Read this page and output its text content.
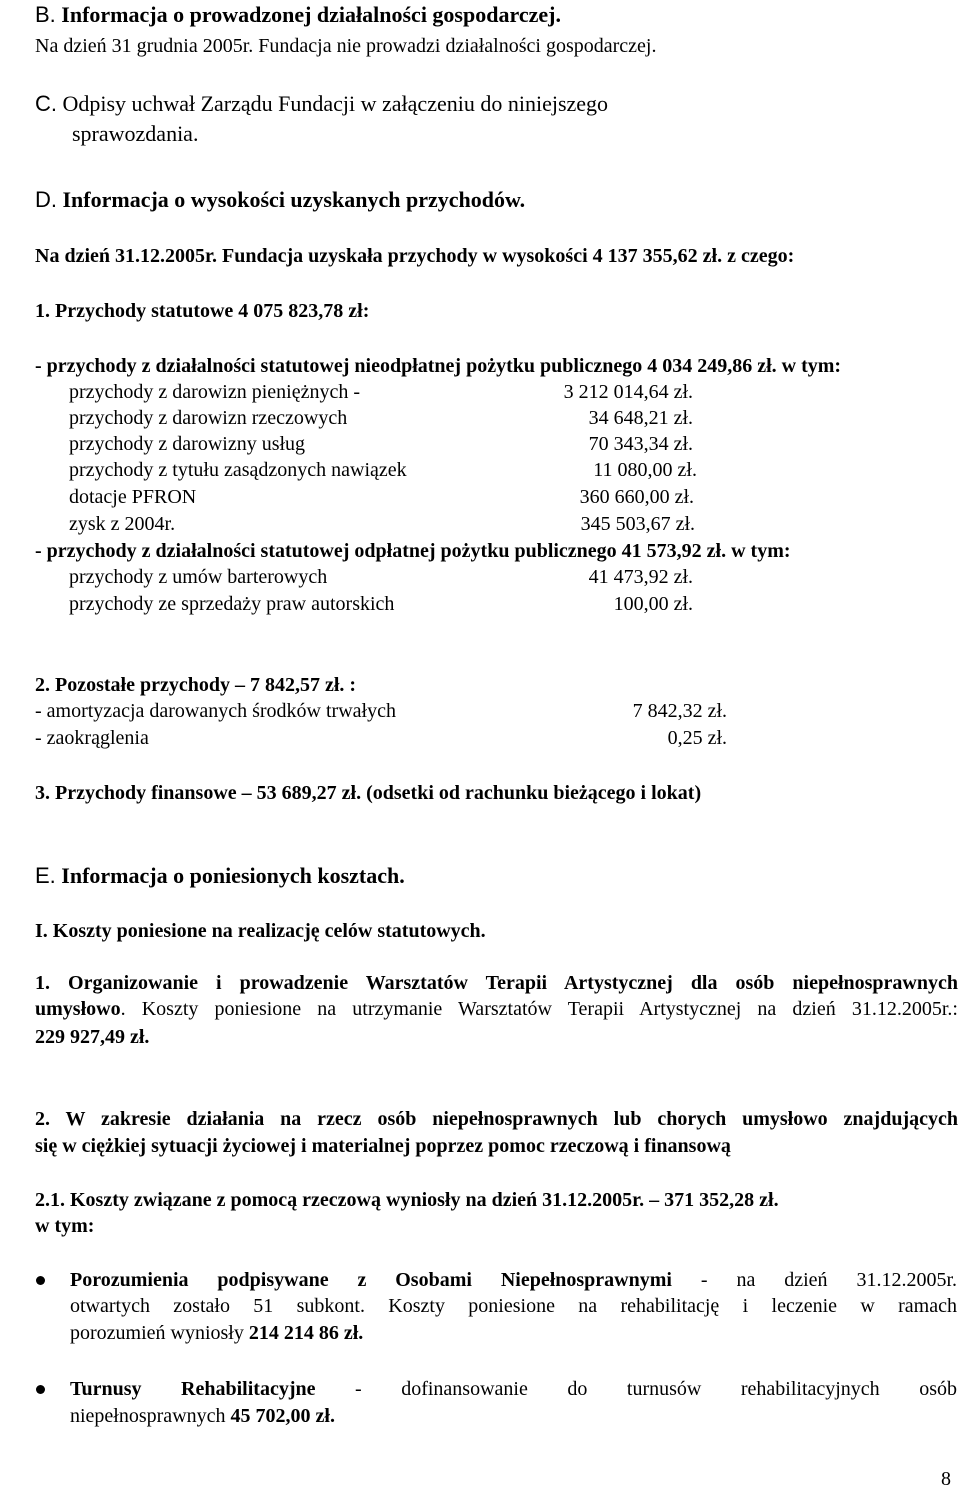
B. Informacja o prowadzonej działalności gospodarczej.
Na dzień 31 grudnia 2005r. Fundacja nie prowadzi działalności gospodarczej.
C. Odpisy uchwał Zarządu Fundacji w załączeniu do niniejszego
sprawozdania.
D. Informacja o wysokości uzyskanych przychodów.
Na dzień 31.12.2005r. Fundacja uzyskała przychody w wysokości 4 137 355,62 zł. z czego:
1. Przychody statutowe 4 075 823,78 zł:
- przychody z działalności statutowej nieodpłatnej pożytku publicznego 4 034 249,86 zł. w tym:
przychody z darowizn pieniężnych -	3 212 014,64 zł.
przychody z darowizn rzeczowych	34 648,21 zł.
przychody z darowizny usług	70 343,34 zł.
przychody z tytułu zasądzonych nawiązek	11 080,00 zł.
dotacje PFRON	360 660,00 zł.
zysk z 2004r.	345 503,67 zł.
- przychody z działalności statutowej odpłatnej pożytku publicznego 41 573,92 zł. w tym:
przychody z umów barterowych	41 473,92 zł.
przychody ze sprzedaży praw autorskich	100,00 zł.
2. Pozostałe przychody – 7 842,57 zł. :
- amortyzacja darowanych środków trwałych	7 842,32 zł.
- zaokrąglenia	0,25 zł.
3. Przychody finansowe – 53 689,27 zł. (odsetki od rachunku bieżącego i lokat)
E. Informacja o poniesionych kosztach.
I. Koszty poniesione na realizację celów statutowych.
1. Organizowanie i prowadzenie Warsztatów Terapii Artystycznej dla osób niepełnosprawnych
umysłowo. Koszty poniesione na utrzymanie Warsztatów Terapii Artystycznej na dzień 31.12.2005r.:
229 927,49 zł.
2. W zakresie działania na rzecz osób niepełnosprawnych lub chorych umysłowo znajdujących
się w ciężkiej sytuacji życiowej i materialnej poprzez pomoc rzeczową i finansową
2.1. Koszty związane z pomocą rzeczową wyniosły na dzień 31.12.2005r. – 371 352,28 zł.
w tym:
Porozumienia podpisywane z Osobami Niepełnosprawnymi - na dzień 31.12.2005r.
otwartych zostało 51 subkont. Koszty poniesione na rehabilitację i leczenie w ramach
porozumień wyniosły 214 214 86 zł.
Turnusy Rehabilitacyjne - dofinansowanie do turnusów rehabilitacyjnych osób
niepełnosprawnych 45 702,00 zł.
8
